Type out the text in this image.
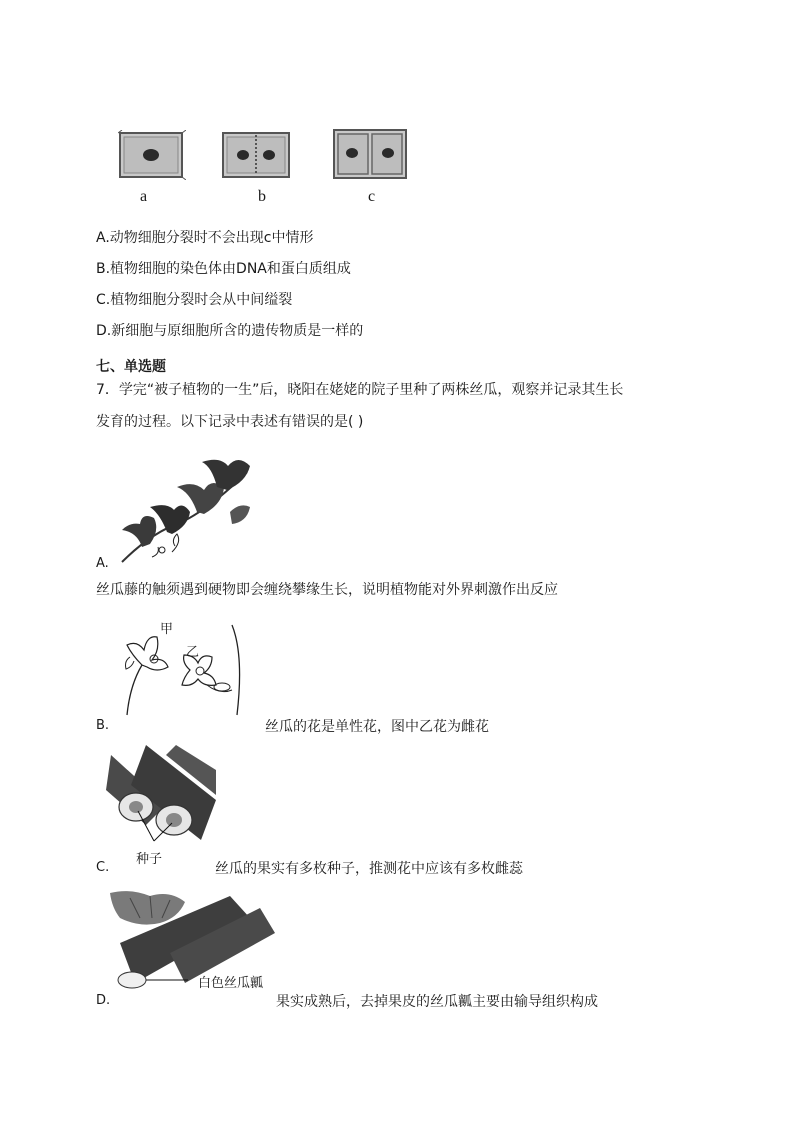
a	b	c
A.动物细胞分裂时不会出现c中情形
B.植物细胞的染色体由DNA和蛋白质组成
C.植物细胞分裂时会从中间缢裂
D.新细胞与原细胞所含的遗传物质是一样的
七、单选题
7．学完“被子植物的一生”后，晓阳在姥姥的院子里种了两株丝瓜，观察并记录其生长
发育的过程。以下记录中表述有错误的是( )
A.
丝瓜藤的触须遇到硬物即会缠绕攀缘生长，说明植物能对外界刺激作出反应
甲
乙
B.	丝瓜的花是单性花，图中乙花为雌花
种子
C.	丝瓜的果实有多枚种子，推测花中应该有多枚雌蕊
白色丝瓜瓤
D.	果实成熟后，去掉果皮的丝瓜瓤主要由输导组织构成
